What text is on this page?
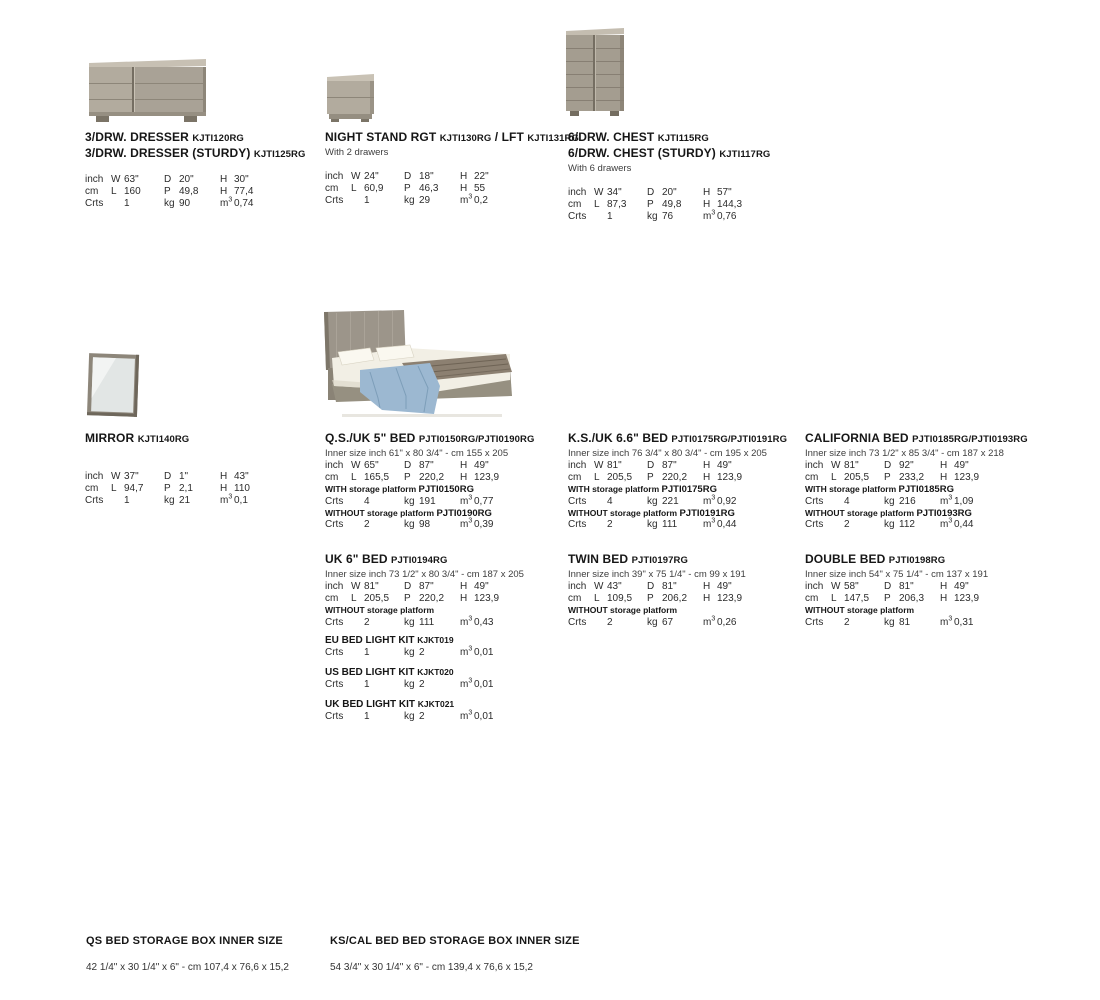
3/DRW. DRESSER KJTI120RG
3/DRW. DRESSER (STURDY) KJTI125RG
inch W 63"	D 20"	H 30"
cm L 160 P 49,8 H 77,4
Crts 1	kg 90	$m^3$ 0,74
NIGHT STAND RGT KJTI130RG / LFT KJTI131RG
With 2 drawers
inch W 24"	D 18"	H 22"
cm L 60,9 P 46,3 H 55
Crts 1	kg 29	$m^3$ 0,2
6/DRW. CHEST KJTI115RG
6/DRW. CHEST (STURDY) KJTI117RG
With 6 drawers
inch W 34"	D 20"	H 57"
cm L 87,3 P 49,8 H 144,3
Crts 1	kg 76	$m^3$ 0,76
MIRROR KJTI140RG
inch W 37"	D 1"	H 43"
cm L 94,7 P 2,1	H 110
Crts 1	kg 21	$m^3$ 0,1
Q.S./UK 5" BED PJTI0150RG/PJTI0190RG
Inner size inch 61" x 80 3/4" - cm 155 x 205
inch W 65"	D 87"	H 49"
cm L 165,5 P 220,2 H 123,9
WITH storage platform PJTI0150RG
Crts 4	kg 191 $m^3$ 0,77
WITHOUT storage platform PJTI0190RG
Crts 2	kg 98	$m^3$ 0,39
K.S./UK 6.6" BED PJTI0175RG/PJTI0191RG
Inner size inch 76 3/4" x 80 3/4" - cm 195 x 205
inch W 81"	D 87"	H 49"
cm L 205,5 P 220,2 H 123,9
WITH storage platform PJTI0175RG
Crts 4	kg 221 $m^3$ 0,92
WITHOUT storage platform PJTI0191RG
Crts 2	kg 111	$m^3$ 0,44
CALIFORNIA BED PJTI0185RG/PJTI0193RG
Inner size inch 73 1/2" x 85 3/4" - cm 187 x 218
inch W 81"	D 92"	H 49"
cm L 205,5 P 233,2 H 123,9
WITH storage platform PJTI0185RG
Crts 4	kg 216 $m^3$ 1,09
WITHOUT storage platform PJTI0193RG
Crts 2	kg 112	$m^3$ 0,44
UK 6" BED PJTI0194RG
Inner size inch 73 1/2" x 80 3/4" - cm 187 x 205
inch W 81"	D 87"	H 49"
cm L 205,5 P 220,2 H 123,9
WITHOUT storage platform
Crts 2	kg 111	$m^3$ 0,43
TWIN BED PJTI0197RG
Inner size inch 39" x 75 1/4" - cm 99 x 191
inch W 43"	D 81"	H 49"
cm L 109,5 P 206,2 H 123,9
WITHOUT storage platform
Crts 2	kg 67	$m^3$ 0,26
DOUBLE BED PJTI0198RG
Inner size inch 54" x 75 1/4" - cm 137 x 191
inch W 58"	D 81"	H 49"
cm L 147,5 P 206,3 H 123,9
WITHOUT storage platform
Crts 2	kg 81	$m^3$ 0,31
EU BED LIGHT KIT KJKT019
Crts 1	kg 2	$m^3$ 0,01
US BED LIGHT KIT KJKT020
Crts 1	kg 2	$m^3$ 0,01
UK BED LIGHT KIT KJKT021
Crts 1	kg 2	$m^3$ 0,01
QS BED STORAGE BOX INNER SIZE
42 1/4" x 30 1/4" x 6" - cm 107,4 x 76,6 x 15,2
KS/CAL BED BED STORAGE BOX INNER SIZE
54 3/4" x 30 1/4" x 6" - cm 139,4 x 76,6 x 15,2
